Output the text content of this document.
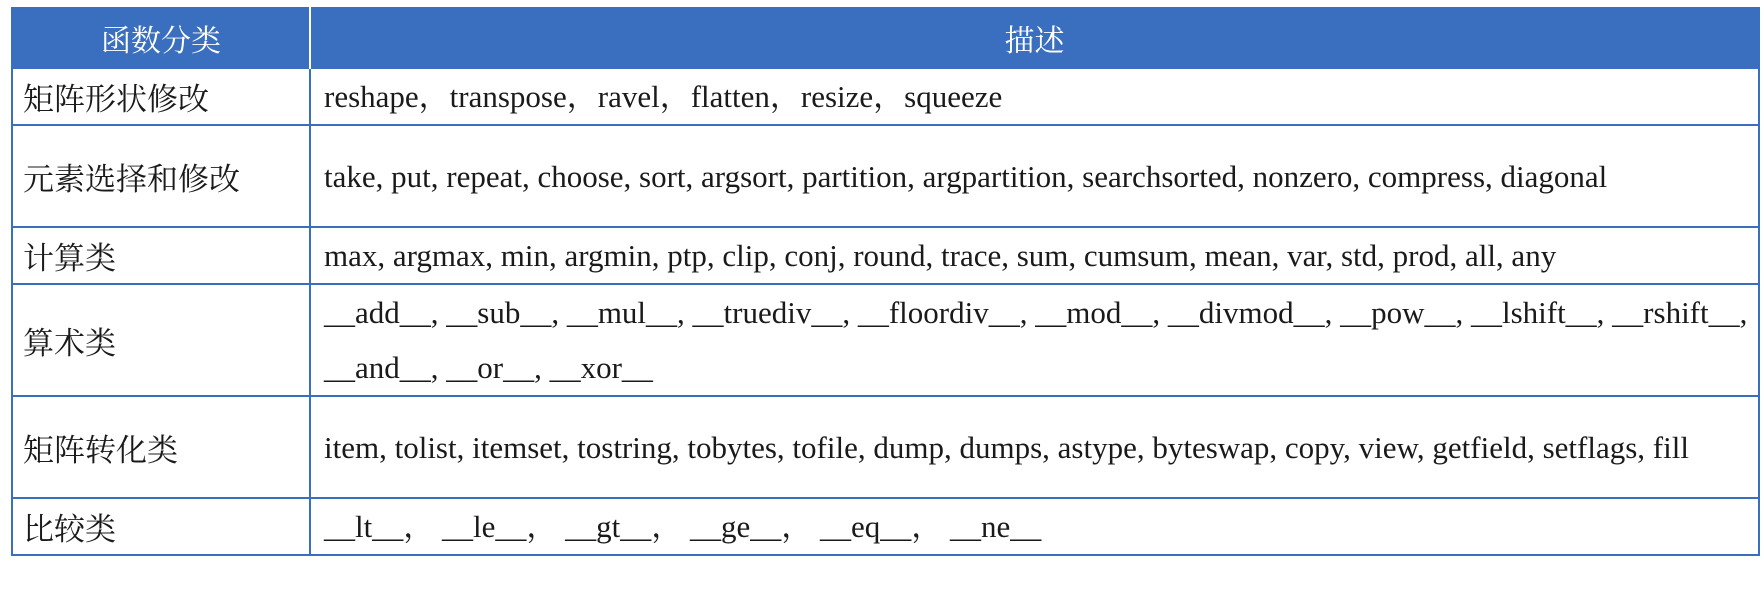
函数分类	描述
矩阵形状修改	reshape，transpose，ravel，flatten，resize，squeeze
元素选择和修改	take, put, repeat, choose, sort, argsort, partition, argpartition, searchsorted, nonzero, compress, diagonal
计算类	max, argmax, min, argmin, ptp, clip, conj, round, trace, sum, cumsum, mean, var, std, prod, all, any
算术类	__add__, __sub__, __mul__, __truediv__, __floordiv__, __mod__, __divmod__, __pow__, __lshift__, __rshift__, __and__, __or__, __xor__
矩阵转化类	item, tolist, itemset, tostring, tobytes, tofile, dump, dumps, astype, byteswap, copy, view, getfield, setflags, fill
比较类	__lt__， __le__， __gt__， __ge__， __eq__， __ne__
